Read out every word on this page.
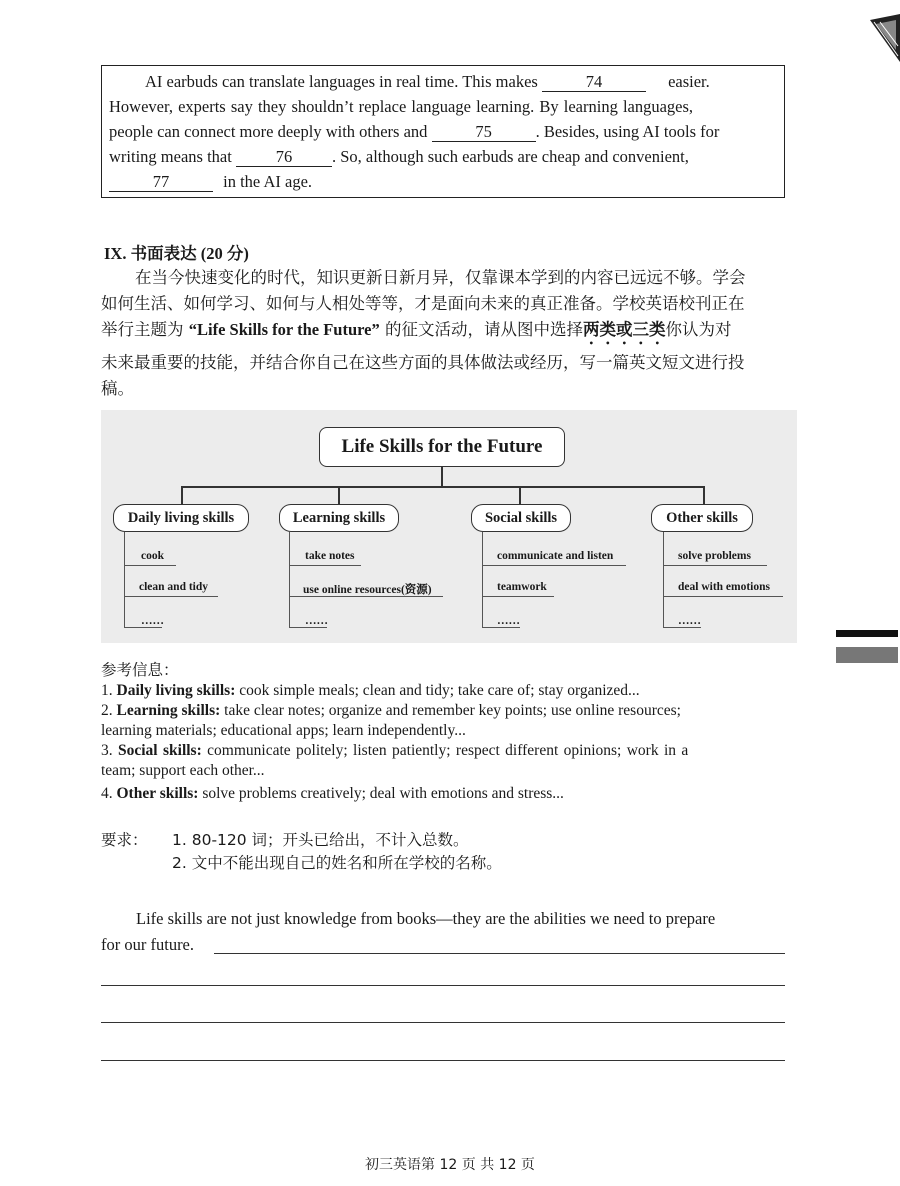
AI earbuds can translate languages in real time. This makes	74	easier.
However, experts say they shouldn’t replace language learning. By learning languages,
people can connect more deeply with others and	75	. Besides, using AI tools for
writing means that	76 . So, although such earbuds are cheap and convenient,
77	in the AI age.
IX. 书面表达 (20 分)
在当今快速变化的时代，知识更新日新月异，仅靠课本学到的内容已远远不够。学会
如何生活、如何学习、如何与人相处等等，才是面向未来的真正准备。学校英语校刊正在
举行主题为 “Life Skills for the Future” 的征文活动，请从图中选择两类或三类你认为对
未来最重要的技能，并结合你自己在这些方面的具体做法或经历，写一篇英文短文进行投
稿。
Life Skills for the Future
Daily living skills	Learning skills	Social skills	Other skills
cook
clean and tidy
……
take notes
use online resources(资源)
……
communicate and listen
teamwork
……
solve problems
deal with emotions
……
参考信息：
1. Daily living skills: cook simple meals; clean and tidy; take care of; stay organized...
2. Learning skills: take clear notes; organize and remember key points; use online resources;
learning materials; educational apps; learn independently...
3. Social skills: communicate politely; listen patiently; respect different opinions; work in a
team; support each other...
4. Other skills: solve problems creatively; deal with emotions and stress...
要求： 1. 80-120 词；开头已给出，不计入总数。
2. 文中不能出现自己的姓名和所在学校的名称。
Life skills are not just knowledge from books—they are the abilities we need to prepare
for our future.
初三英语第 12 页 共 12 页
